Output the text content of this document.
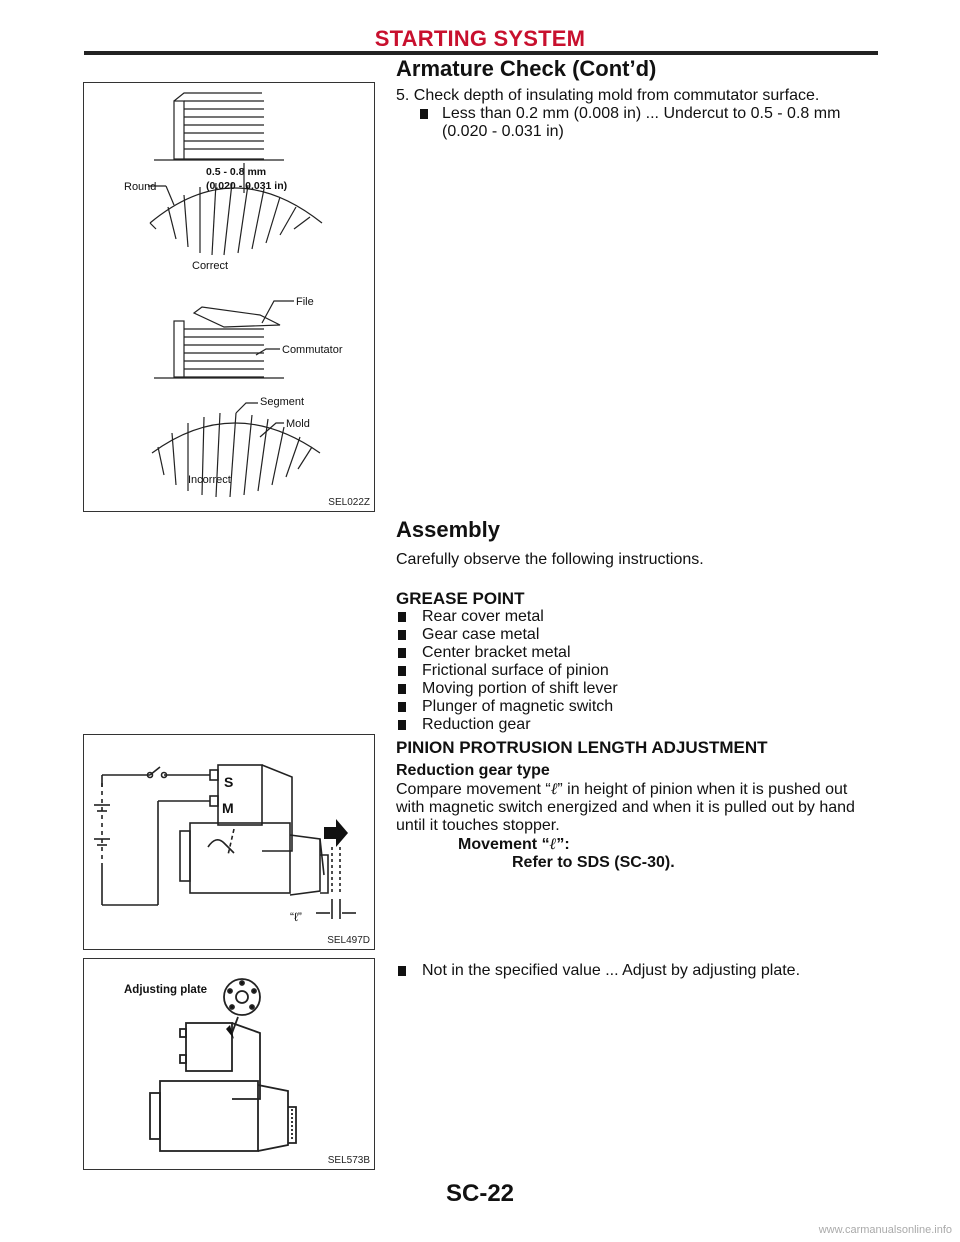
STARTING SYSTEM
Armature Check (Cont’d)
0.5 - 0.8 mm
(0.020 - 0.031 in)
Round
Correct
File
Commutator
Segment
Mold
Incorrect
SEL022Z
5. Check depth of insulating mold from commutator surface.
Less than 0.2 mm (0.008 in) ... Undercut to 0.5 - 0.8 mm
(0.020 - 0.031 in)
Assembly
Carefully observe the following instructions.
GREASE POINT
Rear cover metal
Gear case metal
Center bracket metal
Frictional surface of pinion
Moving portion of shift lever
Plunger of magnetic switch
Reduction gear
S
M
“ℓ”
SEL497D
PINION PROTRUSION LENGTH ADJUSTMENT
Reduction gear type
Compare movement “ℓ” in height of pinion when it is pushed out
with magnetic switch energized and when it is pulled out by hand
until it touches stopper.
Movement “ℓ”:
Refer to SDS (SC-30).
Adjusting plate
SEL573B
Not in the specified value ... Adjust by adjusting plate.
SC-22
www.carmanualsonline.info
